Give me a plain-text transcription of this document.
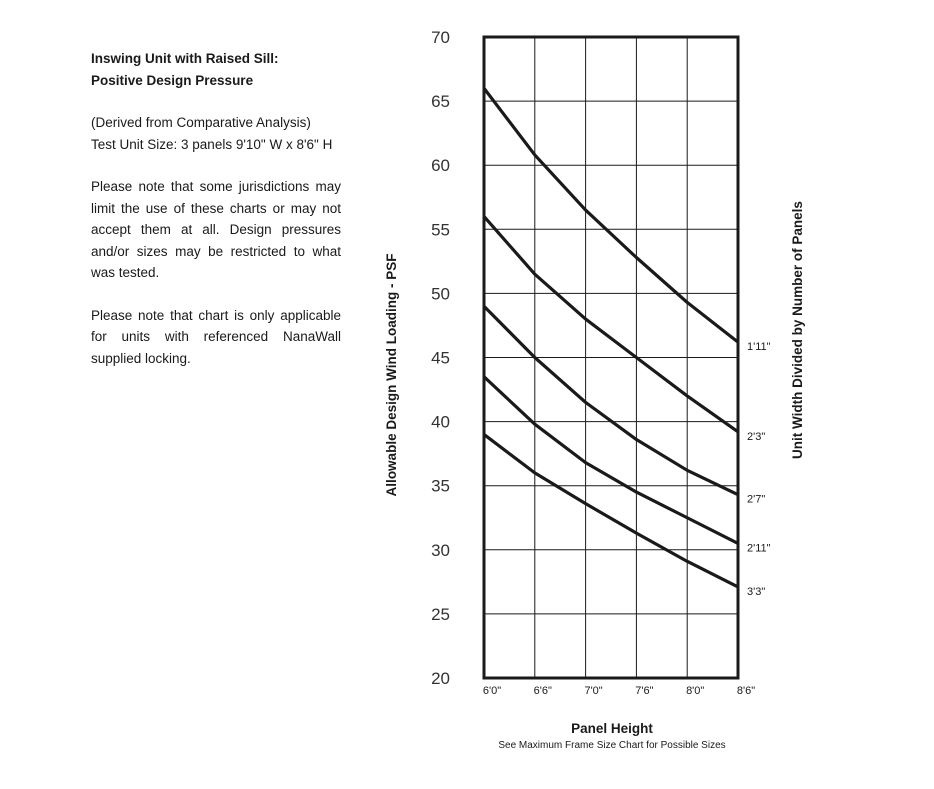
Inswing Unit with Raised Sill:
Positive Design Pressure

(Derived from Comparative Analysis)
Test Unit Size: 3 panels 9'10" W x 8'6" H

Please note that some jurisdictions may limit the use of these charts or may not accept them at all. Design pressures and/or sizes may be restricted to what was tested.

Please note that chart is only applicable for units with referenced NanaWall supplied locking.

20
25
30
35
40
45
50
55
60
65
70
6'0"	6'6"	7'0"	7'6"	8'0"	8'6"
1'11"
2'3"
2'7"
2'11"
3'3"
Allowable Design Wind Loading - PSF	Unit Width Divided by Number of Panels
Panel Height
See Maximum Frame Size Chart for Possible Sizes
